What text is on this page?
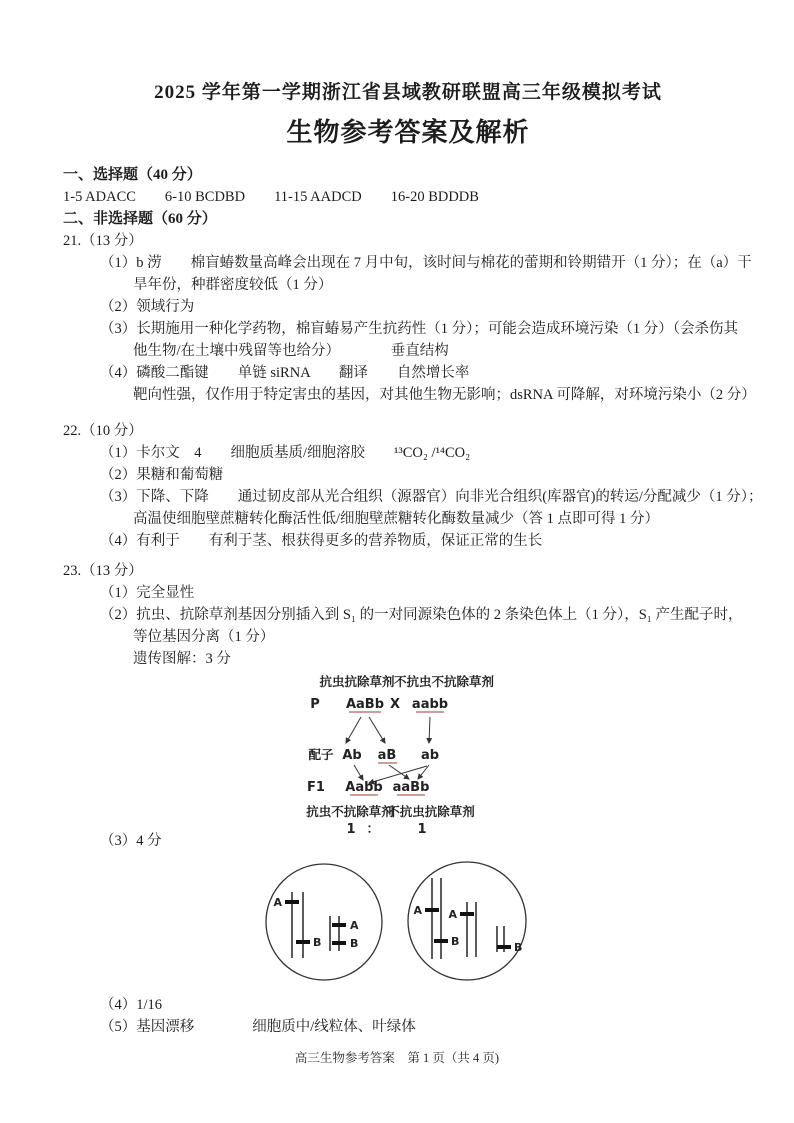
2025 学年第一学期浙江省县域教研联盟高三年级模拟考试
生物参考答案及解析
一、选择题（40 分）
1-5 ADACC　　6-10 BCDBD　　11-15 AADCD　　16-20 BDDDB
二、非选择题（60 分）
21.（13 分）
（1）b 涝　　棉盲蝽数量高峰会出现在 7 月中旬，该时间与棉花的蕾期和铃期错开（1 分）；在（a）干
旱年份，种群密度较低（1 分）
（2）领域行为
（3）长期施用一种化学药物，棉盲蝽易产生抗药性（1 分）；可能会造成环境污染（1 分）（会杀伤其
他生物/在土壤中残留等也给分）　　　　垂直结构
（4）磷酸二酯键　　单链 siRNA　　翻译　　自然增长率
靶向性强，仅作用于特定害虫的基因，对其他生物无影响；dsRNA 可降解，对环境污染小（2 分）
22.（10 分）
（1）卡尔文　4　　细胞质基质/细胞溶胶　　¹³CO₂ /¹⁴CO₂
（2）果糖和葡萄糖
（3）下降、下降　　通过韧皮部从光合组织（源器官）向非光合组织(库器官)的转运/分配减少（1 分）；
高温使细胞壁蔗糖转化酶活性低/细胞壁蔗糖转化酶数量减少（答 1 点即可得 1 分）
（4）有利于　　有利于茎、根获得更多的营养物质，保证正常的生长
23.（13 分）
（1）完全显性
（2）抗虫、抗除草剂基因分别插入到 S₁ 的一对同源染色体的 2 条染色体上（1 分），S₁ 产生配子时，
等位基因分离（1 分）
遗传图解：3 分
抗虫抗除草剂 不抗虫不抗除草剂
P AaBb X aabb
配子 Ab aB ab
F1 Aabb aaBb
抗虫不抗除草剂
不抗虫抗除草剂
1 ：	1
（3）4 分
A
B
A
B
A
B
A
B
（4）1/16
（5）基因漂移　　　　细胞质中/线粒体、叶绿体
高三生物参考答案　第 1 页（共 4 页)
